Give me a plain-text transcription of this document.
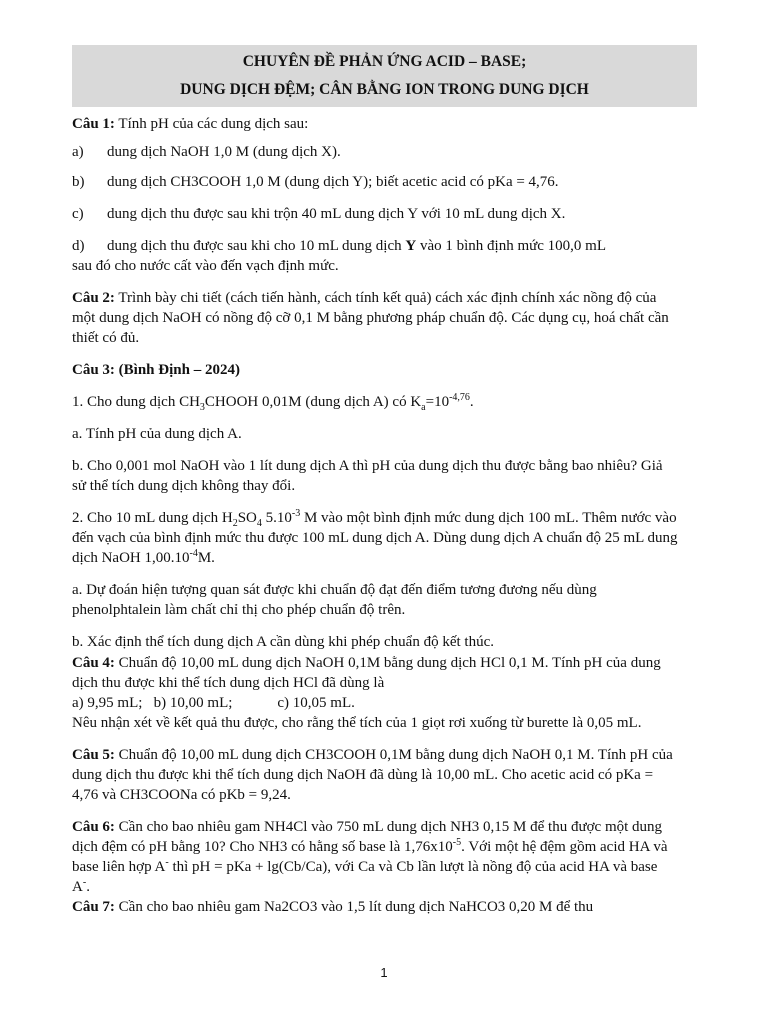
CHUYÊN ĐỀ PHẢN ỨNG ACID – BASE;
DUNG DỊCH ĐỆM; CÂN BẰNG ION TRONG DUNG DỊCH

Câu 1: Tính pH của các dung dịch sau:

a)	dung dịch NaOH 1,0 M (dung dịch X).
b)	dung dịch CH3COOH 1,0 M (dung dịch Y); biết acetic acid có pKa = 4,76.
c)	dung dịch thu được sau khi trộn 40 mL dung dịch Y với 10 mL dung dịch X.
d)	dung dịch thu được sau khi cho 10 mL dung dịch Y vào 1 bình định mức 100,0 mL

sau đó cho nước cất vào đến vạch định mức.

Câu 2: Trình bày chi tiết (cách tiến hành, cách tính kết quả) cách xác định chính xác nồng độ của một dung dịch NaOH có nồng độ cỡ 0,1 M bằng phương pháp chuẩn độ. Các dụng cụ, hoá chất cần thiết có đủ.

Câu 3: (Bình Định – 2024)

1. Cho dung dịch $CH_3CHOOH$ 0,01M (dung dịch A) có $K_a=10^{-4,76}$.

a. Tính pH của dung dịch A.

b. Cho 0,001 mol NaOH vào 1 lít dung dịch A thì pH của dung dịch thu được bằng bao nhiêu? Giả sử thể tích dung dịch không thay đổi.

2. Cho 10 mL dung dịch $H_2SO_4$ $5.10^{-3}$ M vào một bình định mức dung dịch 100 mL. Thêm nước vào đến vạch của bình định mức thu được 100 mL dung dịch A. Dùng dung dịch A chuẩn độ 25 mL dung dịch NaOH $1,00.10^{-4}M$.

a. Dự đoán hiện tượng quan sát được khi chuẩn độ đạt đến điểm tương đương nếu dùng phenolphtalein làm chất chỉ thị cho phép chuẩn độ trên.

b. Xác định thể tích dung dịch A cần dùng khi phép chuẩn độ kết thúc.

Câu 4: Chuẩn độ 10,00 mL dung dịch NaOH 0,1M bằng dung dịch HCl 0,1 M. Tính pH của dung dịch thu được khi thể tích dung dịch HCl đã dùng là

a) 9,95 mL;   b) 10,00 mL;            c) 10,05 mL.

Nêu nhận xét về kết quả thu được, cho rằng thể tích của 1 giọt rơi xuống từ burette là 0,05 mL.

Câu 5: Chuẩn độ 10,00 mL dung dịch CH3COOH 0,1M bằng dung dịch NaOH 0,1 M. Tính pH của dung dịch thu được khi thể tích dung dịch NaOH đã dùng là 10,00 mL. Cho acetic acid có pKa = 4,76 và CH3COONa có pKb = 9,24.

Câu 6: Cần cho bao nhiêu gam NH4Cl vào 750 mL dung dịch NH3 0,15 M để thu được một dung dịch đệm có pH bằng 10? Cho NH3 có hằng số base là $1,76x10^{-5}$. Với một hệ đệm gồm acid HA và base liên hợp A- thì pH = pKa + lg(Cb/Ca), với Ca và Cb lần lượt là nồng độ của acid HA và base A-.

Câu 7: Cần cho bao nhiêu gam Na2CO3 vào 1,5 lít dung dịch NaHCO3 0,20 M để thu

1
